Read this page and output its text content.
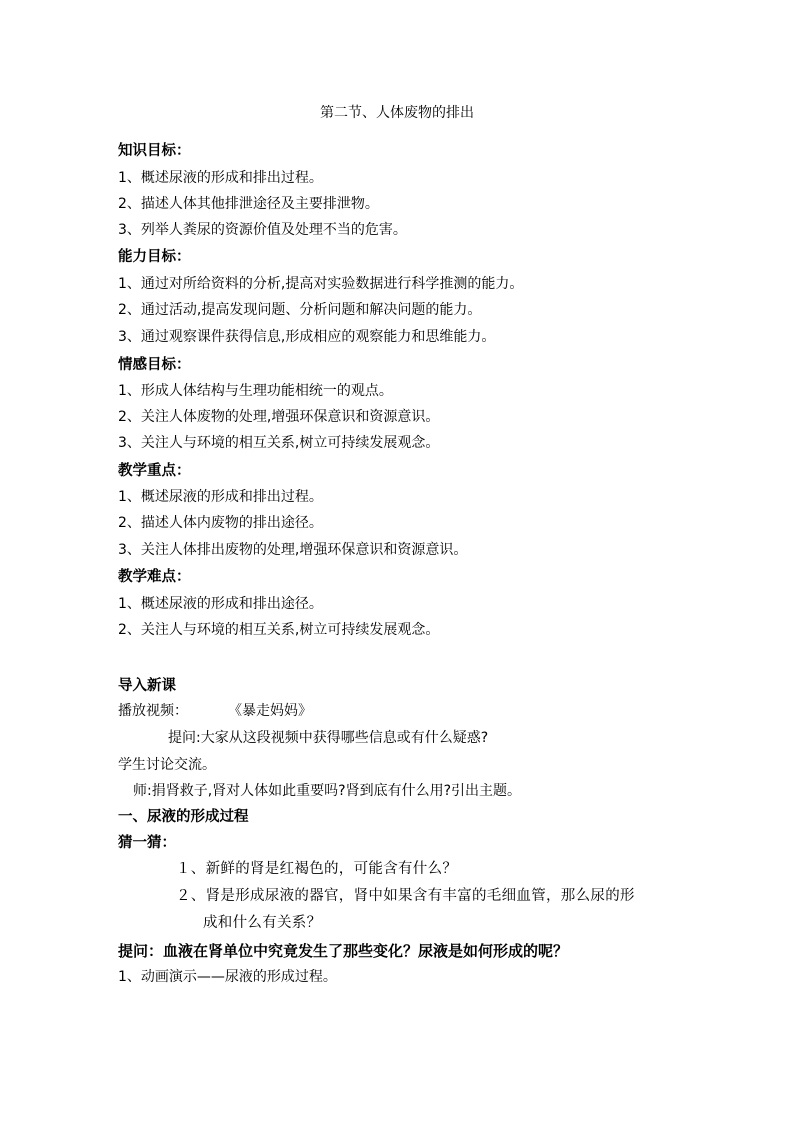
第二节、人体废物的排出
知识目标：
1、概述尿液的形成和排出过程。
2、描述人体其他排泄途径及主要排泄物。
3、列举人粪尿的资源价值及处理不当的危害。
能力目标：
1、通过对所给资料的分析,提高对实验数据进行科学推测的能力。
2、通过活动,提高发现问题、分析问题和解决问题的能力。
3、通过观察课件获得信息,形成相应的观察能力和思维能力。
情感目标：
1、形成人体结构与生理功能相统一的观点。
2、关注人体废物的处理,增强环保意识和资源意识。
3、关注人与环境的相互关系,树立可持续发展观念。
教学重点：
1、概述尿液的形成和排出过程。
2、描述人体内废物的排出途径。
3、关注人体排出废物的处理,增强环保意识和资源意识。
教学难点：
1、概述尿液的形成和排出途径。
2、关注人与环境的相互关系,树立可持续发展观念。
导入新课
播放视频：	《暴走妈妈》
提问:大家从这段视频中获得哪些信息或有什么疑惑?
学生讨论交流。
师:捐肾救子,肾对人体如此重要吗?肾到底有什么用?引出主题。
一、尿液的形成过程
猜一猜：
１、新鲜的肾是红褐色的，可能含有什么？
２、肾是形成尿液的器官，肾中如果含有丰富的毛细血管，那么尿的形
成和什么有关系？
提问：血液在肾单位中究竟发生了那些变化？尿液是如何形成的呢？
1、动画演示——尿液的形成过程。
